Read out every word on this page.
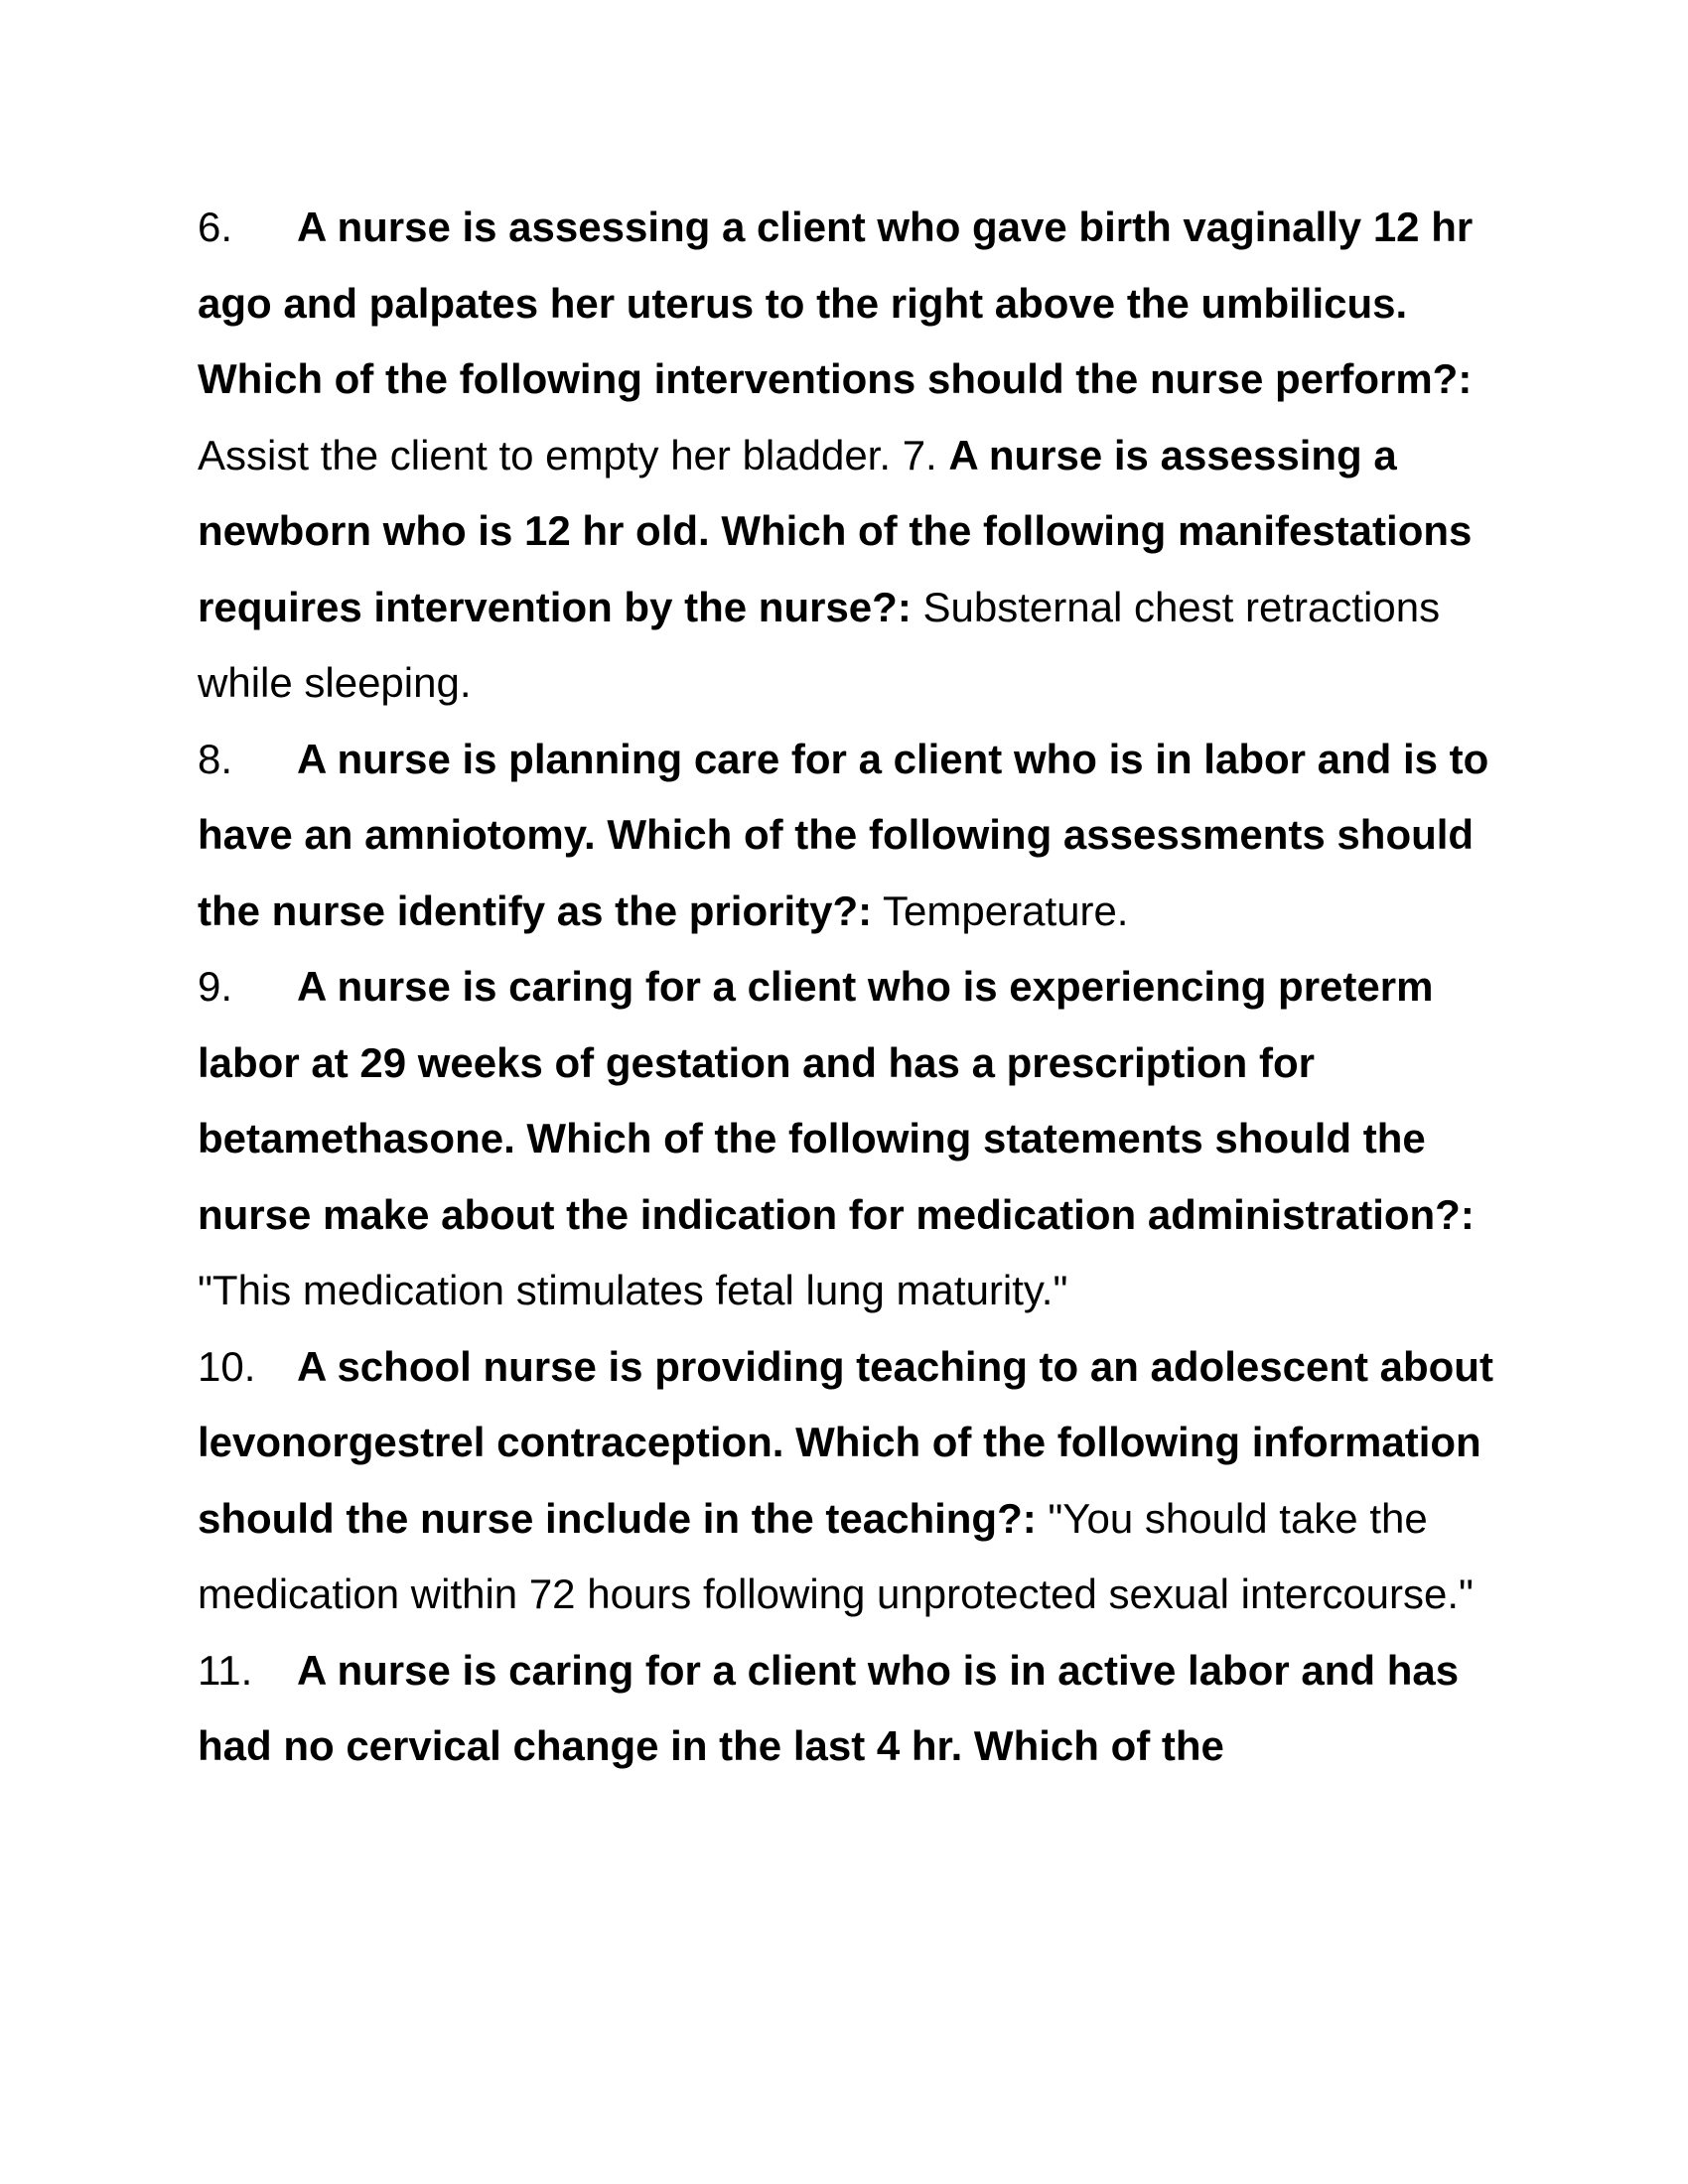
6. A nurse is assessing a client who gave birth vaginally 12 hr ago and palpates her uterus to the right above the umbilicus. Which of the following interventions should the nurse perform?: Assist the client to empty her bladder. 7. A nurse is assessing a newborn who is 12 hr old. Which of the following manifestations requires intervention by the nurse?: Substernal chest retractions while sleeping.

8. A nurse is planning care for a client who is in labor and is to have an amniotomy. Which of the following assessments should the nurse identify as the priority?: Temperature.

9. A nurse is caring for a client who is experiencing preterm labor at 29 weeks of gestation and has a prescription for betamethasone. Which of the following statements should the nurse make about the indication for medication administration?: "This medication stimulates fetal lung maturity."

10. A school nurse is providing teaching to an adolescent about levonorgestrel contraception. Which of the following information should the nurse include in the teaching?: "You should take the medication within 72 hours following unprotected sexual intercourse."

11. A nurse is caring for a client who is in active labor and has had no cervical change in the last 4 hr. Which of the
